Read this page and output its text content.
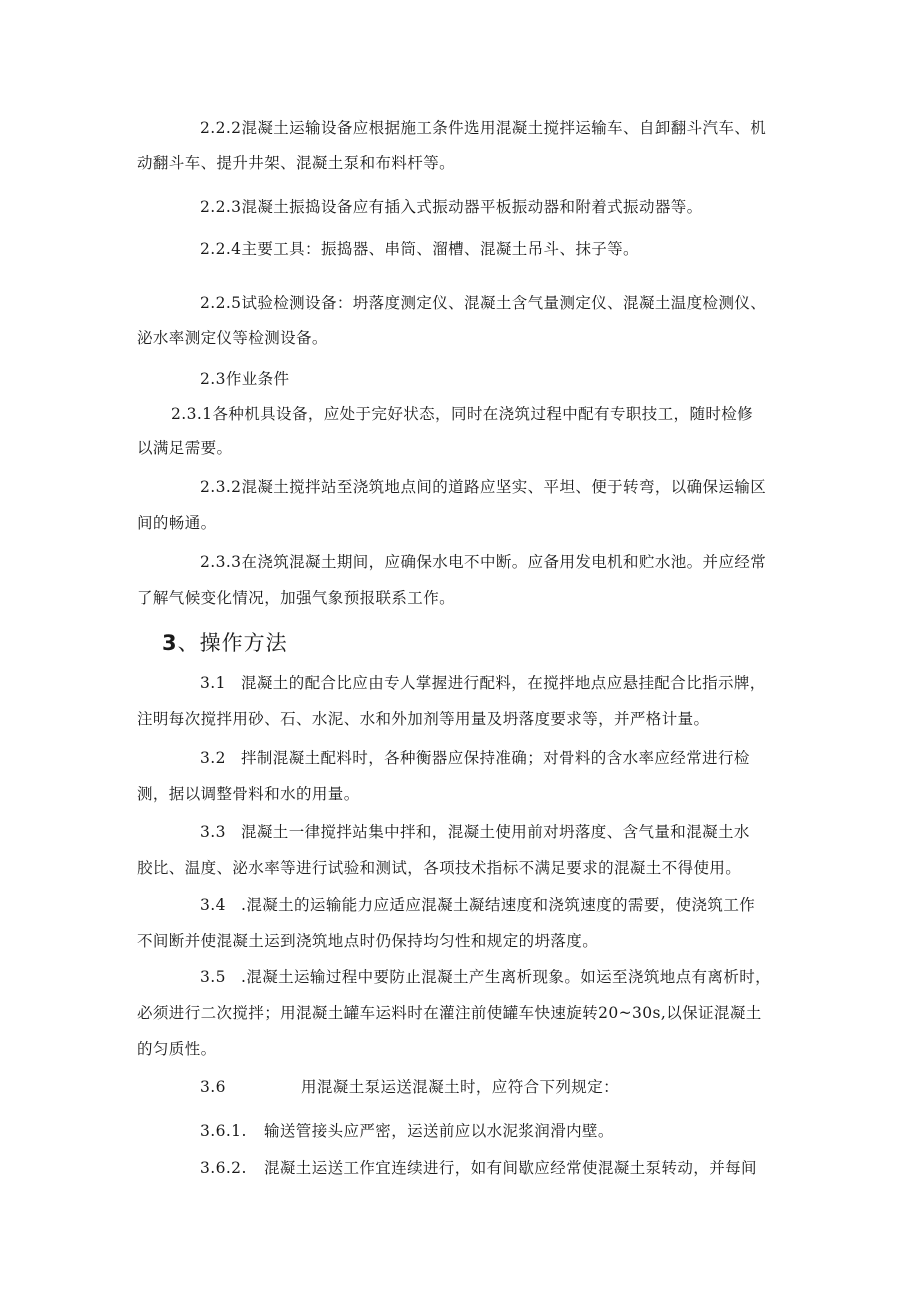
2.2.2混凝土运输设备应根据施工条件选用混凝土搅拌运输车、自卸翻斗汽车、机
动翻斗车、提升井架、混凝土泵和布料杆等。
2.2.3混凝土振捣设备应有插入式振动器平板振动器和附着式振动器等。
2.2.4主要工具：振捣器、串筒、溜槽、混凝土吊斗、抹子等。
2.2.5试验检测设备：坍落度测定仪、混凝土含气量测定仪、混凝土温度检测仪、
泌水率测定仪等检测设备。
2.3作业条件
2.3.1各种机具设备，应处于完好状态，同时在浇筑过程中配有专职技工，随时检修
以满足需要。
2.3.2混凝土搅拌站至浇筑地点间的道路应坚实、平坦、便于转弯，以确保运输区
间的畅通。
2.3.3在浇筑混凝土期间，应确保水电不中断。应备用发电机和贮水池。并应经常
了解气候变化情况，加强气象预报联系工作。
3、操作方法
3.1 混凝土的配合比应由专人掌握进行配料，在搅拌地点应悬挂配合比指示牌，
注明每次搅拌用砂、石、水泥、水和外加剂等用量及坍落度要求等，并严格计量。
3.2 拌制混凝土配料时，各种衡器应保持准确；对骨料的含水率应经常进行检
测，据以调整骨料和水的用量。
3.3 混凝土一律搅拌站集中拌和，混凝土使用前对坍落度、含气量和混凝土水
胶比、温度、泌水率等进行试验和测试，各项技术指标不满足要求的混凝土不得使用。
3.4 .混凝土的运输能力应适应混凝土凝结速度和浇筑速度的需要，使浇筑工作
不间断并使混凝土运到浇筑地点时仍保持均匀性和规定的坍落度。
3.5 .混凝土运输过程中要防止混凝土产生离析现象。如运至浇筑地点有离析时，
必须进行二次搅拌；用混凝土罐车运料时在灌注前使罐车快速旋转20~30s,以保证混凝土
的匀质性。
3.6	用混凝土泵运送混凝土时，应符合下列规定：
3.6.1. 输送管接头应严密，运送前应以水泥浆润滑内壁。
3.6.2. 混凝土运送工作宜连续进行，如有间歇应经常使混凝土泵转动，并每间
